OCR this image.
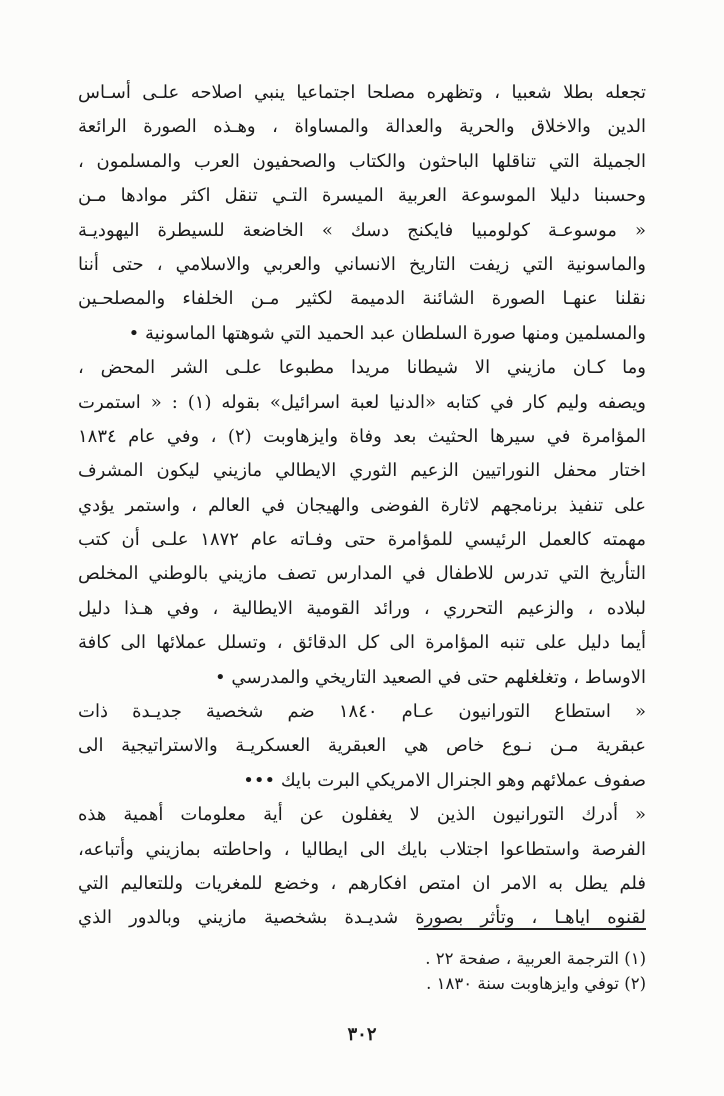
تجعله بطلا شعبيا ، وتظهره مصلحا اجتماعيا ينبي اصلاحه علـى أسـاس
الدين والاخلاق والحرية والعدالة والمساواة ، وهـذه الصورة الرائعة
الجميلة التي تناقلها الباحثون والكتاب والصحفيون العرب والمسلمون ،
وحسبنا دليلا الموسوعة العربية الميسرة التـي تنقل اكثر موادها مـن
« موسوعـة كولومبيا فايكنج دسك » الخاضعة للسيطرة اليهوديـة
والماسونية التي زيفت التاريخ الانساني والعربي والاسلامي ، حتى أننا
نقلنا عنهـا الصورة الشائنة الدميمة لكثير مـن الخلفاء والمصلحـين
والمسلمين ومنها صورة السلطان عبد الحميد التي شوهتها الماسونية •
وما كـان مازيني الا شيطانا مريدا مطبوعا علـى الشر المحض ،
ويصفه وليم كار في كتابه «الدنيا لعبة اسرائيل» بقوله (١) : « استمرت
المؤامرة في سيرها الحثيث بعد وفاة وايزهاوبت (٢) ، وفي عام ١٨٣٤
اختار محفل النوراتيين الزعيم الثوري الايطالي مازيني ليكون المشرف
على تنفيذ برنامجهم لاثارة الفوضى والهيجان في العالم ، واستمر يؤدي
مهمته كالعمل الرئيسي للمؤامرة حتى وفـاته عام ١٨٧٢ علـى أن كتب
التأريخ التي تدرس للاطفال في المدارس تصف مازيني بالوطني المخلص
لبلاده ، والزعيم التحرري ، ورائد القومية الايطالية ، وفي هـذا دليل
أيما دليل على تنبه المؤامرة الى كل الدقائق ، وتسلل عملائها الى كافة
الاوساط ، وتغلغلهم حتى في الصعيد التاريخي والمدرسي •
« استطاع التورانيون عـام ١٨٤٠ ضم شخصية جديـدة ذات
عبقرية مـن نـوع خاص هي العبقرية العسكريـة والاستراتيجية الى
صفوف عملائهم وهو الجنرال الامريكي البرت بايك •••
« أدرك التورانيون الذين لا يغفلون عن أية معلومات أهمية هذه
الفرصة واستطاعوا اجتلاب بايك الى ايطاليا ، واحاطته بمازيني وأتباعه،
فلم يطل به الامر ان امتص افكارهم ، وخضع للمغريات وللتعاليم التي
لقنوه اياهـا ، وتأثر بصورة شديـدة بشخصية مازيني وبالدور الذي
(١) الترجمة العربية ، صفحة ٢٢ .
(٢) توفي وايزهاوبت سنة ١٨٣٠ .
٣٠٢
